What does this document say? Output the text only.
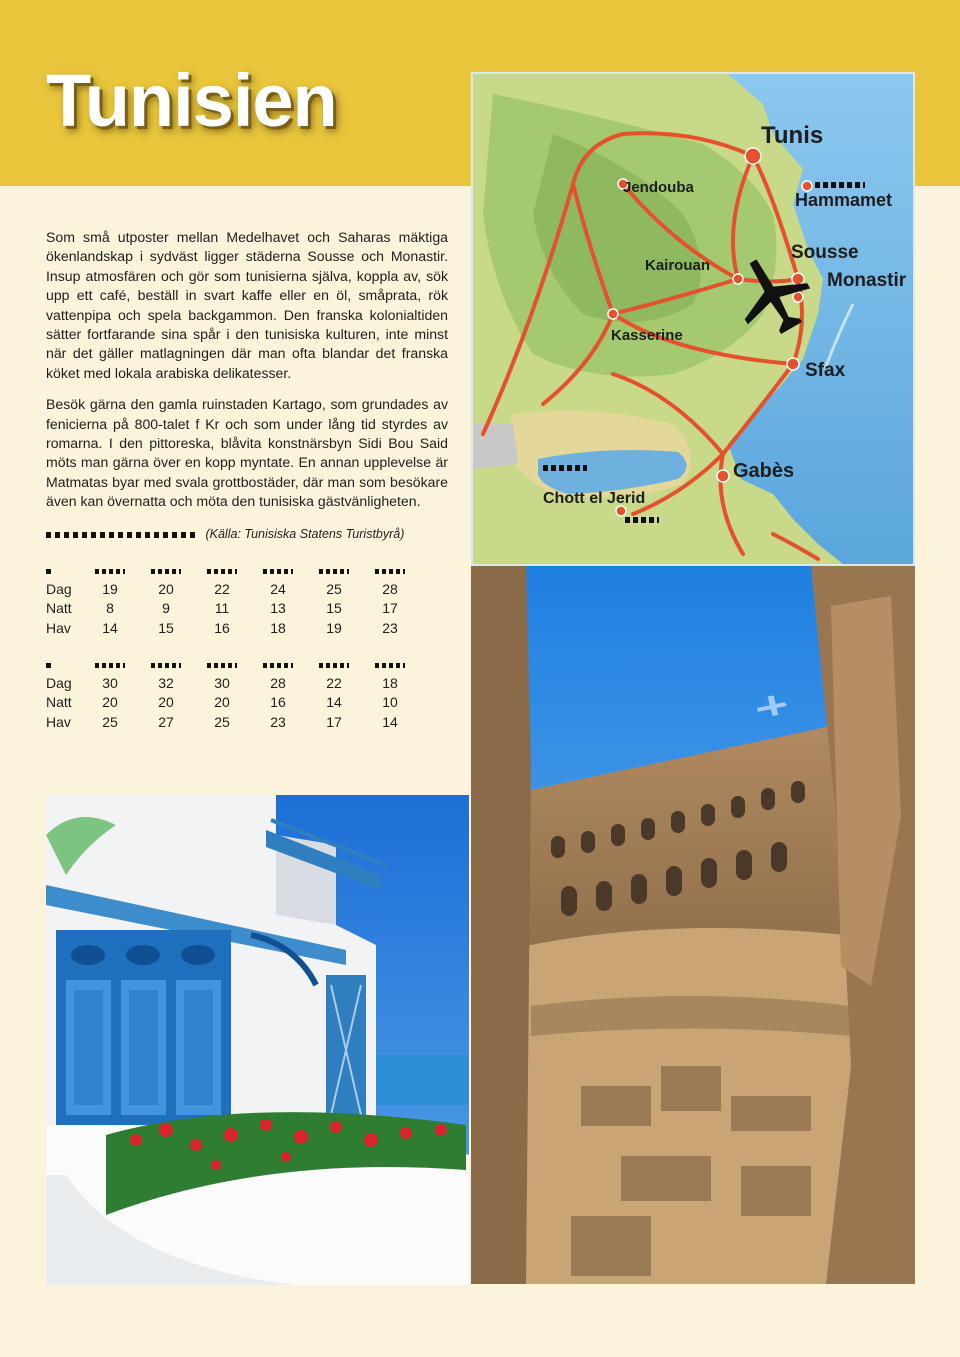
Tunisien

Som små utposter mellan Medelhavet och Saharas mäktiga ökenlandskap i sydväst ligger städerna Sousse och Monastir. Insup atmosfären och gör som tunisierna själva, koppla av, sök upp ett café, beställ in svart kaffe eller en öl, småprata, rök vattenpipa och spela backgammon. Den franska kolonialtiden sätter fortfarande sina spår i den tunisiska kulturen, inte minst när det gäller matlagningen där man ofta blandar det franska köket med lokala arabiska delikatesser.

Besök gärna den gamla ruinstaden Kartago, som grundades av fenicierna på 800-talet f Kr och som under lång tid styrdes av romarna. I den pittoreska, blåvita konstnärsbyn Sidi Bou Said möts man gärna över en kopp myntate. En annan upplevelse är Matmatas byar med svala grottbostäder, där man som besökare även kan övernatta och möta den tunisiska gästvänligheten.

(Källa: Tunisiska Statens Turistbyrå)

Dag	19	20	22	24	25	28
Natt	8	9	11	13	15	17
Hav	14	15	16	18	19	23

Dag	30	32	30	28	22	18
Natt	20	20	20	16	14	10
Hav	25	27	25	23	17	14
Tunis
Hammamet
Jendouba
Kairouan
Sousse
Monastir
Kasserine
Sfax
Gabès
Chott el Jerid
